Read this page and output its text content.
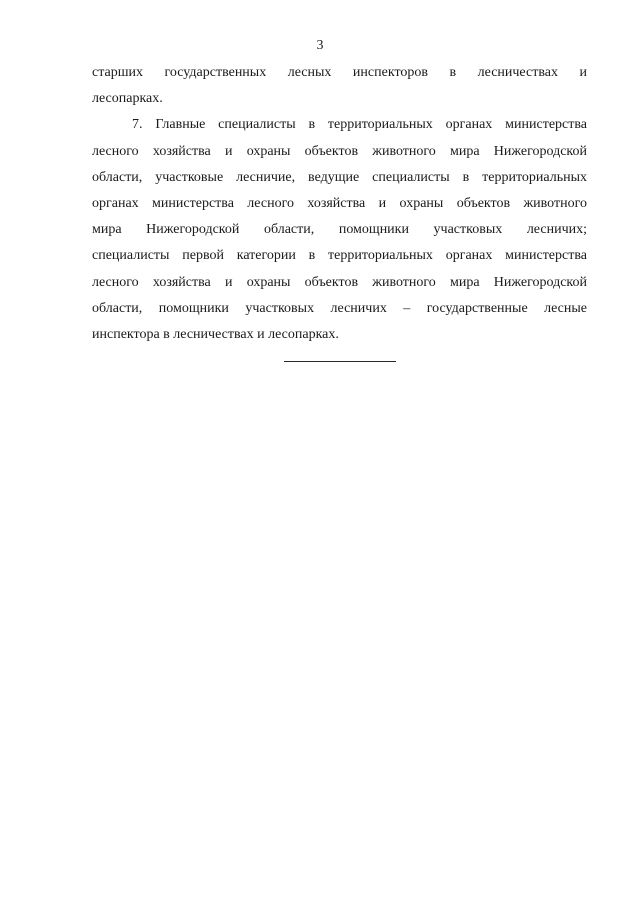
3

старших государственных лесных инспекторов в лесничествах и
лесопарках.

7. Главные специалисты в территориальных органах министерства
лесного хозяйства и охраны объектов животного мира Нижегородской
области, участковые лесничие, ведущие специалисты в территориальных
органах министерства лесного хозяйства и охраны объектов животного
мира Нижегородской области, помощники участковых лесничих;
специалисты первой категории в территориальных органах министерства
лесного хозяйства и охраны объектов животного мира Нижегородской
области, помощники участковых лесничих – государственные лесные
инспектора в лесничествах и лесопарках.
